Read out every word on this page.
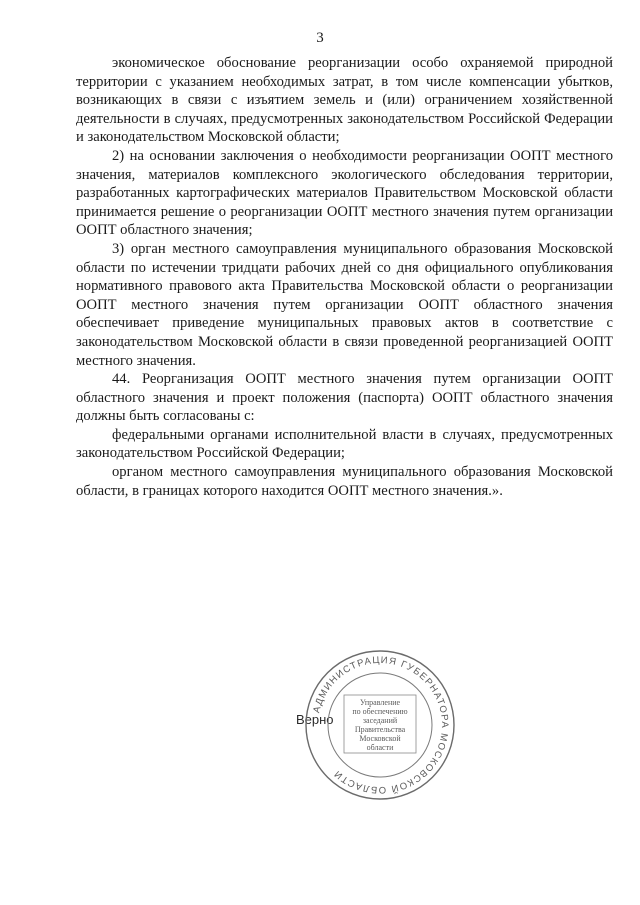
3

экономическое обоснование реорганизации особо охраняемой природной территории с указанием необходимых затрат, в том числе компенсации убытков, возникающих в связи с изъятием земель и (или) ограничением хозяйственной деятельности в случаях, предусмотренных законодательством Российской Федерации и законодательством Московской области;

2) на основании заключения о необходимости реорганизации ООПТ местного значения, материалов комплексного экологического обследования территории, разработанных картографических материалов Правительством Московской области принимается решение о реорганизации ООПТ местного значения путем организации ООПТ областного значения;

3) орган местного самоуправления муниципального образования Московской области по истечении тридцати рабочих дней со дня официального опубликования нормативного правового акта Правительства Московской области о реорганизации ООПТ местного значения путем организации ООПТ областного значения обеспечивает приведение муниципальных правовых актов в соответствие с законодательством Московской области в связи проведенной реорганизацией ООПТ местного значения.

44. Реорганизация ООПТ местного значения путем организации ООПТ областного значения и проект положения (паспорта) ООПТ областного значения должны быть согласованы с:

федеральными органами исполнительной власти в случаях, предусмотренных законодательством Российской Федерации;

органом местного самоуправления муниципального образования Московской области, в границах которого находится ООПТ местного значения.».

Верно
АДМИНИСТРАЦИЯ ГУБЕРНАТОРА МОСКОВСКОЙ ОБЛАСТИ
Управление
по обеспечению
заседаний
Правительства
Московской
области
